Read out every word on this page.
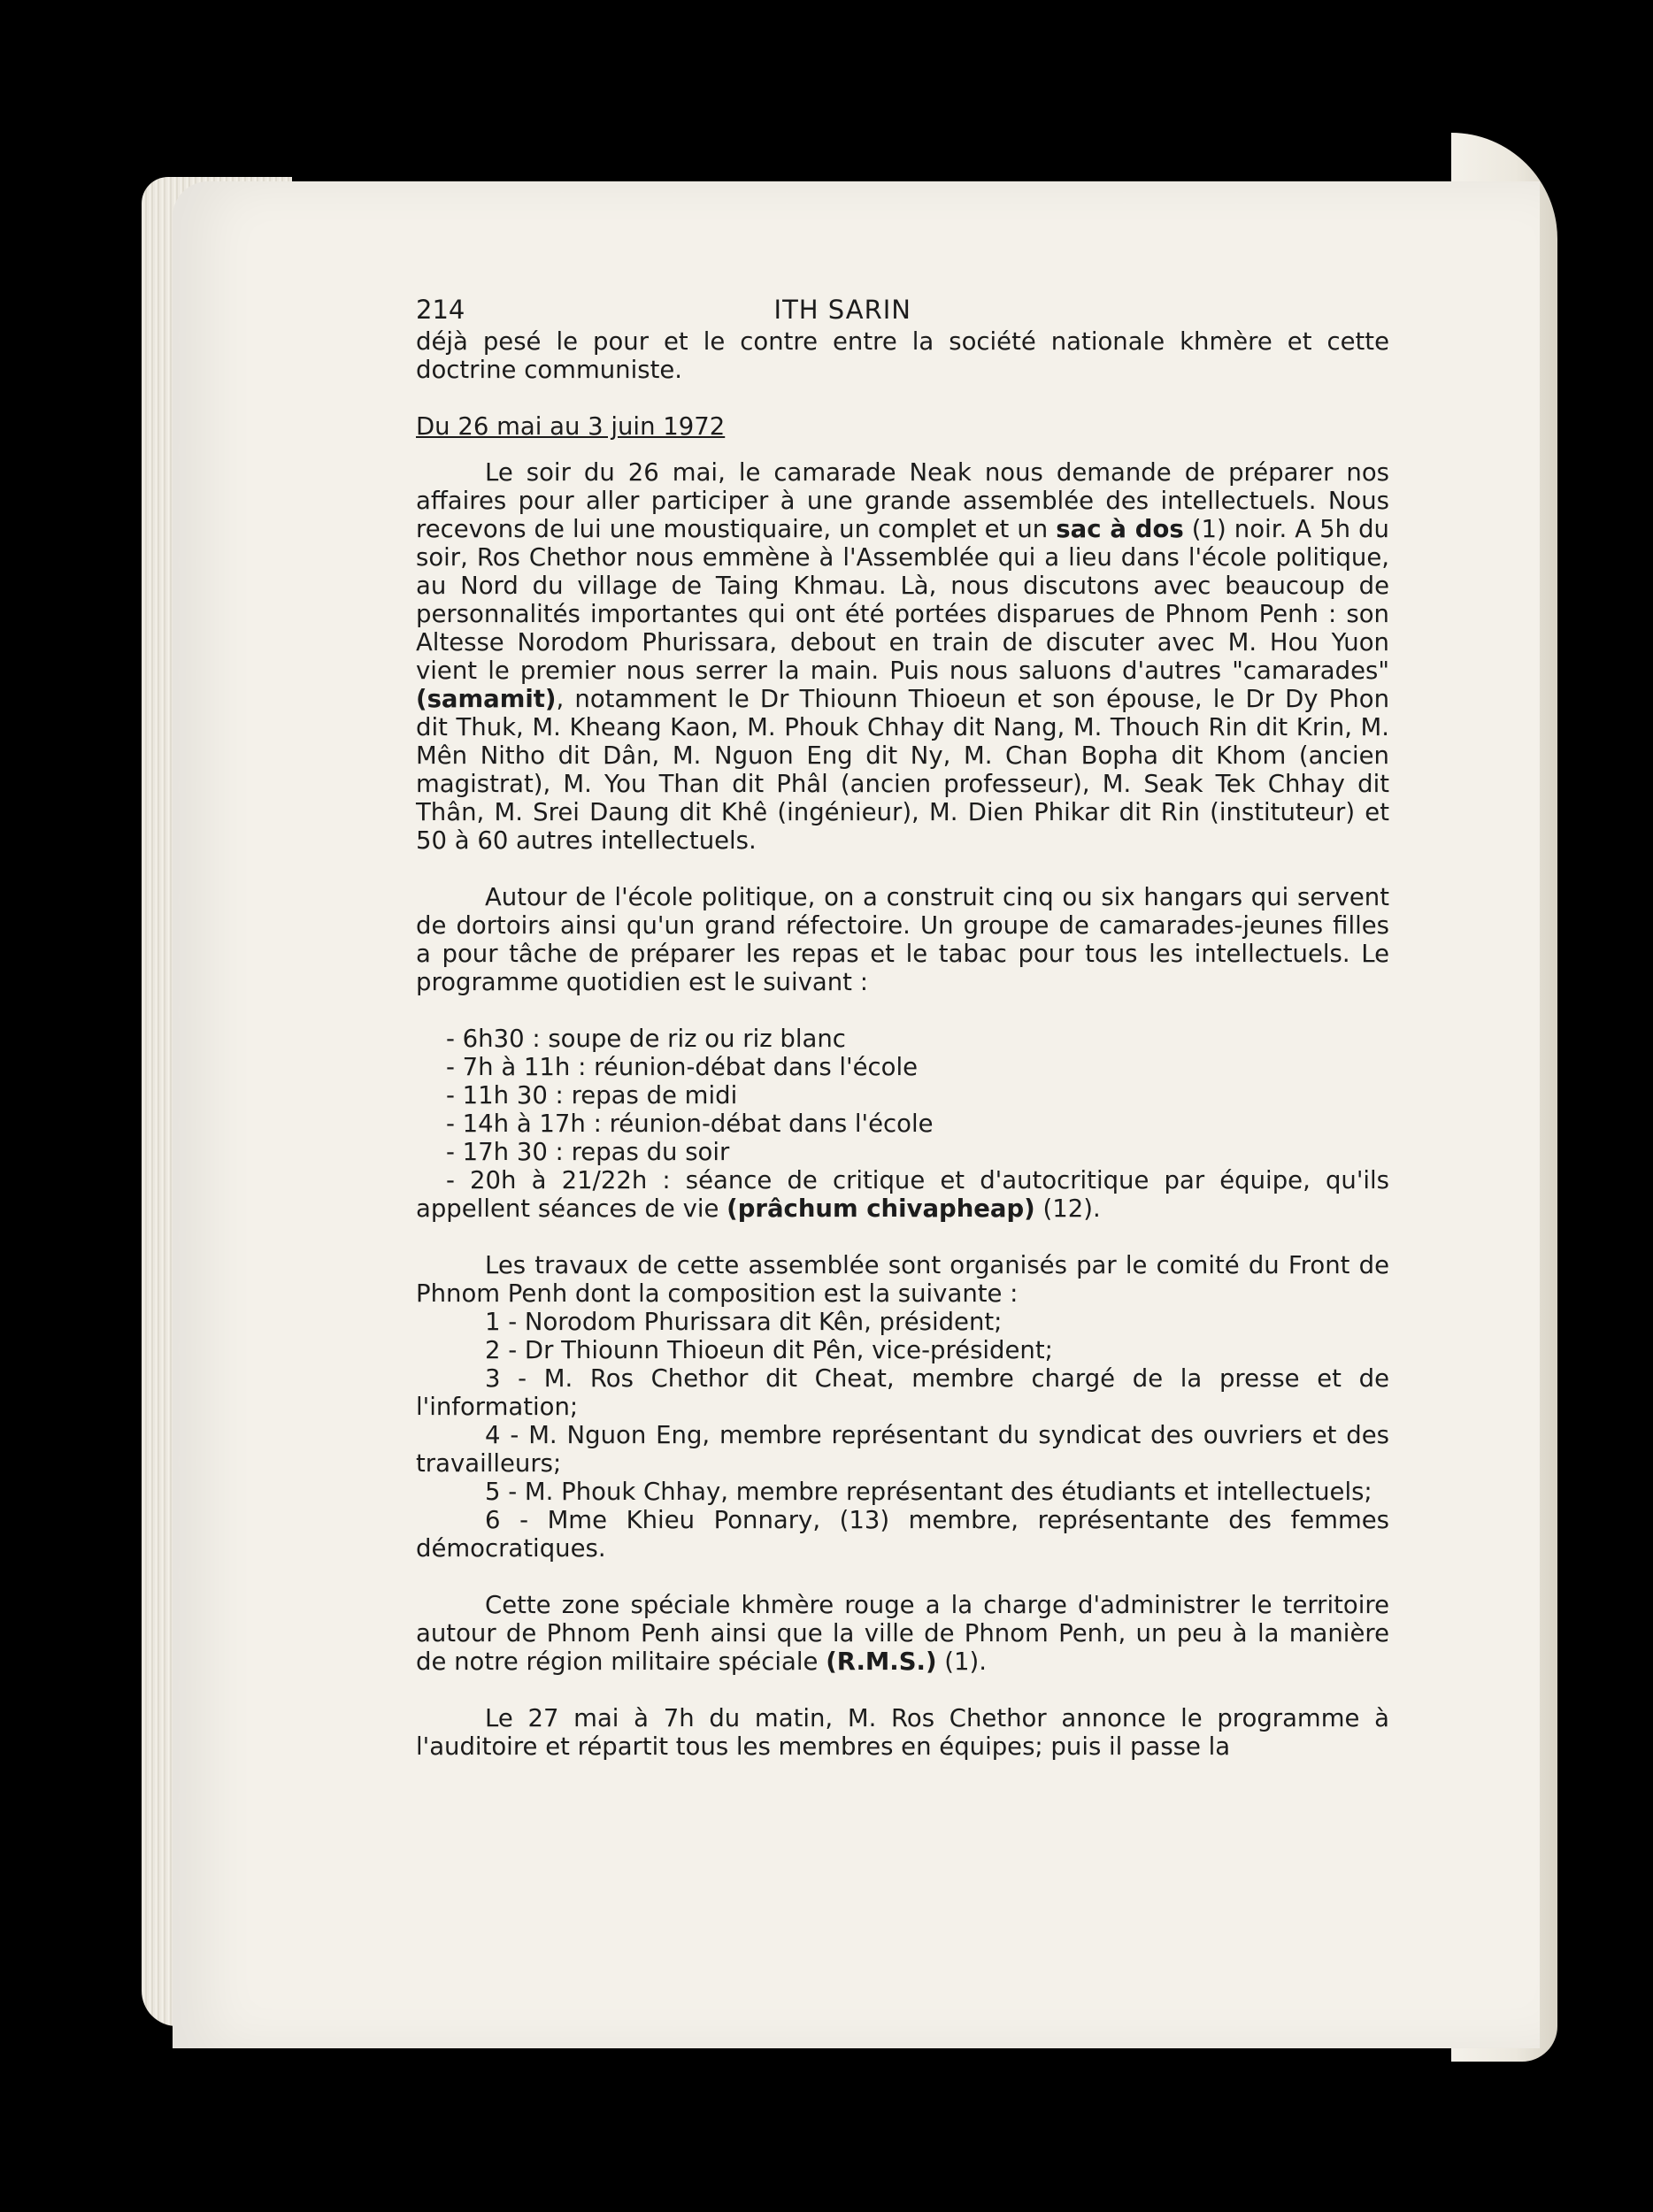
214	ITH SARIN

déjà pesé le pour et le contre entre la société nationale khmère et cette doctrine communiste.

Du 26 mai au 3 juin 1972

Le soir du 26 mai, le camarade Neak nous demande de préparer nos affaires pour aller participer à une grande assemblée des intellectuels. Nous recevons de lui une moustiquaire, un complet et un sac à dos (1) noir. A 5h du soir, Ros Chethor nous emmène à l'Assemblée qui a lieu dans l'école politique, au Nord du village de Taing Khmau. Là, nous discutons avec beaucoup de personnalités importantes qui ont été portées disparues de Phnom Penh : son Altesse Norodom Phurissara, debout en train de discuter avec M. Hou Yuon vient le premier nous serrer la main. Puis nous saluons d'autres "camarades" (samamit), notamment le Dr Thiounn Thioeun et son épouse, le Dr Dy Phon dit Thuk, M. Kheang Kaon, M. Phouk Chhay dit Nang, M. Thouch Rin dit Krin, M. Mên Nitho dit Dân, M. Nguon Eng dit Ny, M. Chan Bopha dit Khom (ancien magistrat), M. You Than dit Phâl (ancien professeur), M. Seak Tek Chhay dit Thân, M. Srei Daung dit Khê (ingénieur), M. Dien Phikar dit Rin (instituteur) et 50 à 60 autres intellectuels.

Autour de l'école politique, on a construit cinq ou six hangars qui servent de dortoirs ainsi qu'un grand réfectoire. Un groupe de camarades-jeunes filles a pour tâche de préparer les repas et le tabac pour tous les intellectuels. Le programme quotidien est le suivant :

- 6h30 : soupe de riz ou riz blanc

- 7h à 11h : réunion-débat dans l'école

- 11h 30 : repas de midi

- 14h à 17h : réunion-débat dans l'école

- 17h 30 : repas du soir

- 20h à 21/22h : séance de critique et d'autocritique par équipe, qu'ils appellent séances de vie (prâchum chivapheap) (12).

Les travaux de cette assemblée sont organisés par le comité du Front de Phnom Penh dont la composition est la suivante :

1 - Norodom Phurissara dit Kên, président;

2 - Dr Thiounn Thioeun dit Pên, vice-président;

3 - M. Ros Chethor dit Cheat, membre chargé de la presse et de l'information;

4 - M. Nguon Eng, membre représentant du syndicat des ouvriers et des travailleurs;

5 - M. Phouk Chhay, membre représentant des étudiants et intellectuels;

6 - Mme Khieu Ponnary, (13) membre, représentante des femmes démocratiques.

Cette zone spéciale khmère rouge a la charge d'administrer le territoire autour de Phnom Penh ainsi que la ville de Phnom Penh, un peu à la manière de notre région militaire spéciale (R.M.S.) (1).

Le 27 mai à 7h du matin, M. Ros Chethor annonce le programme à l'auditoire et répartit tous les membres en équipes; puis il passe la
